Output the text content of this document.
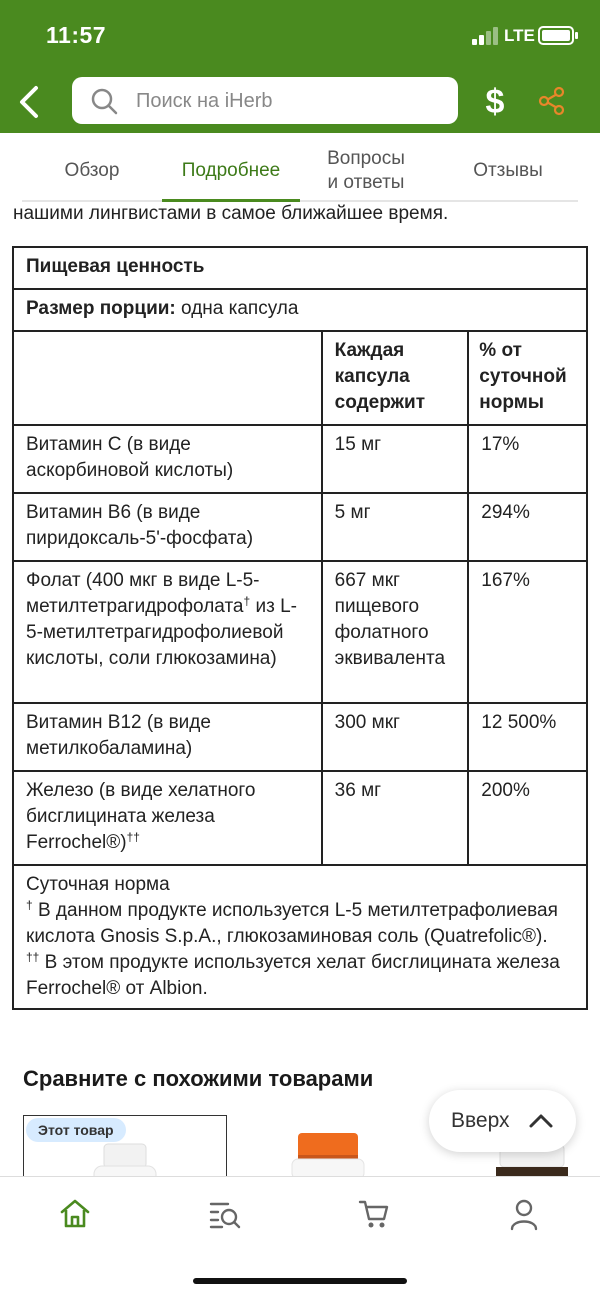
11:57	LTE
Поиск на iHerb	$
Обзор	Подробнее
Вопросы
и ответы
Отзывы
нашими лингвистами в самое ближайшее время.
Пищевая ценность		
Размер порции: одна капсула		
	Каждая капсула содержит	% от суточной нормы
Витамин C (в виде аскорбиновой кислоты)	15 мг	17%
Витамин B6 (в виде пиридоксаль-5'-фосфата)	5 мг	294%
Фолат (400 мкг в виде L-5-метилтетрагидрофолата† из L-5-метилтетрагидрофолиевой кислоты, соли глюкозамина)	667 мкг пищевого фолатного эквивалента	167%
Витамин B12 (в виде метилкобаламина)	300 мкг	12 500%
Железо (в виде хелатного бисглицината железа Ferrochel®)††	36 мг	200%

Суточная норма
† В данном продукте используется L-5 метилтетрафолиевая кислота Gnosis S.p.A., глюкозаминовая соль (Quatrefolic®).
†† В этом продукте используется хелат бисглицината железа Ferrochel® от Albion.		
Сравните с похожими товарами
Этот товар	Вверх
